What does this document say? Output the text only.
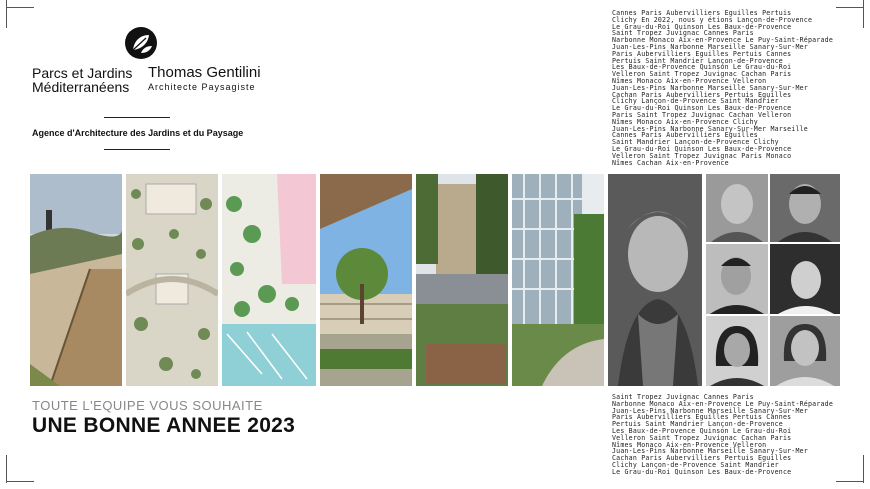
Parcs et Jardins
Méditerranéens
Thomas Gentilini
Architecte Paysagiste
Agence d'Architecture des Jardins et du Paysage
Cannes Paris Aubervilliers Eguilles Pertuis
Clichy En 2022, nous y étions Lançon-de-Provence
Le Grau-du-Roi Quinson Les Baux-de-Provence
Saint Tropez Juvignac Cannes Paris
Narbonne Monaco Aix-en-Provence Le Puy-Saint-Réparade
Juan-Les-Pins Narbonne Marseille Sanary-Sur-Mer
Paris Aubervilliers Eguilles Pertuis Cannes
Pertuis Saint Mandrier Lançon-de-Provence
Les Baux-de-Provence Quinson Le Grau-du-Roi
Velleron Saint Tropez Juvignac Cachan Paris
Nîmes Monaco Aix-en-Provence Velleron
Juan-Les-Pins Narbonne Marseille Sanary-Sur-Mer
Cachan Paris Aubervilliers Pertuis Eguilles
Clichy Lançon-de-Provence Saint Mandrier
Le Grau-du-Roi Quinson Les Baux-de-Provence
Paris Saint Tropez Juvignac Cachan Velleron
Nîmes Monaco Aix-en-Provence Clichy
Juan-Les-Pins Narbonne Sanary-Sur-Mer Marseille
Cannes Paris Aubervilliers Eguilles
Saint Mandrier Lançon-de-Provence Clichy
Le Grau-du-Roi Quinson Les Baux-de-Provence
Velleron Saint Tropez Juvignac Paris Monaco
Nîmes Cachan Aix-en-Provence
Saint Tropez Juvignac Cannes Paris
Narbonne Monaco Aix-en-Provence Le Puy-Saint-Réparade
Juan-Les-Pins Narbonne Marseille Sanary-Sur-Mer
Paris Aubervilliers Eguilles Pertuis Cannes
Pertuis Saint Mandrier Lançon-de-Provence
Les Baux-de-Provence Quinson Le Grau-du-Roi
Velleron Saint Tropez Juvignac Cachan Paris
Nîmes Monaco Aix-en-Provence Velleron
Juan-Les-Pins Narbonne Marseille Sanary-Sur-Mer
Cachan Paris Aubervilliers Pertuis Eguilles
Clichy Lançon-de-Provence Saint Mandrier
Le Grau-du-Roi Quinson Les Baux-de-Provence
TOUTE L'EQUIPE VOUS SOUHAITE
UNE BONNE ANNEE 2023
